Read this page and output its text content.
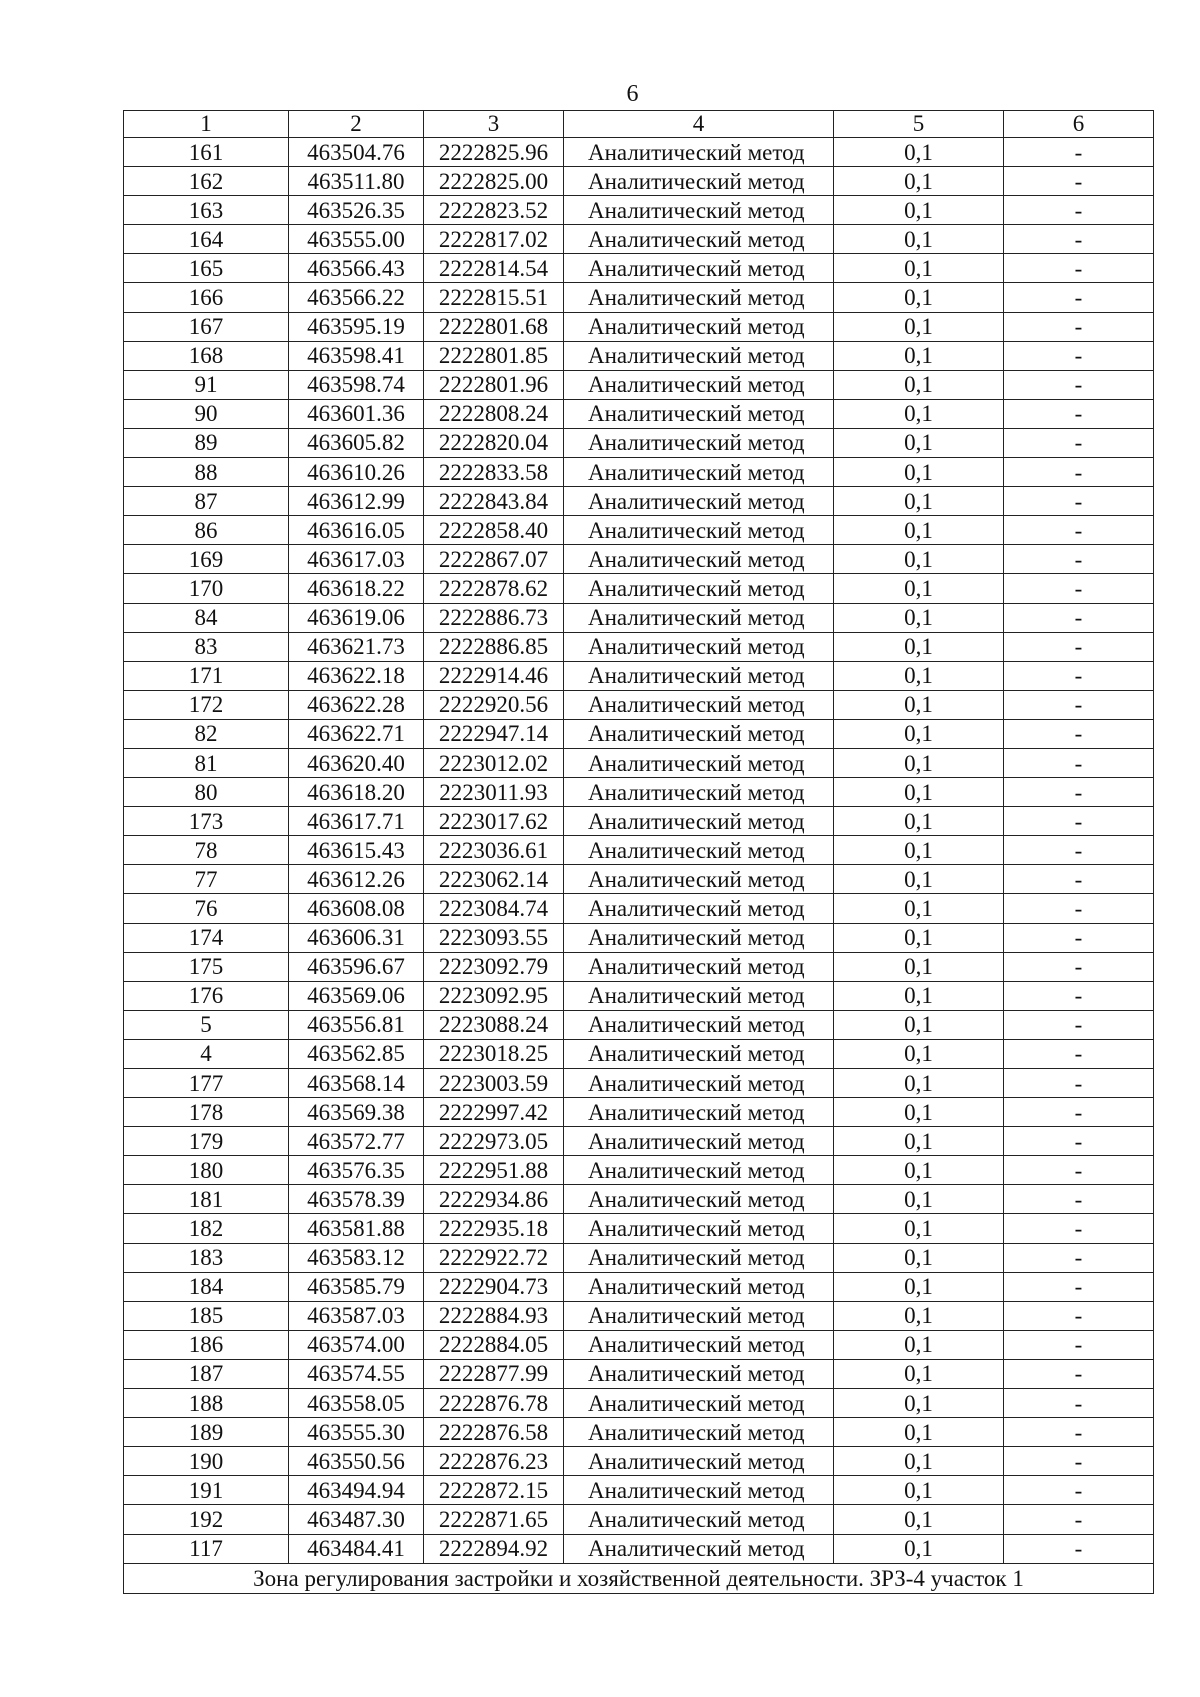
6
1	2	3	4	5	6
161	463504.76	2222825.96	Аналитический метод	0,1	-
162	463511.80	2222825.00	Аналитический метод	0,1	-
163	463526.35	2222823.52	Аналитический метод	0,1	-
164	463555.00	2222817.02	Аналитический метод	0,1	-
165	463566.43	2222814.54	Аналитический метод	0,1	-
166	463566.22	2222815.51	Аналитический метод	0,1	-
167	463595.19	2222801.68	Аналитический метод	0,1	-
168	463598.41	2222801.85	Аналитический метод	0,1	-
91	463598.74	2222801.96	Аналитический метод	0,1	-
90	463601.36	2222808.24	Аналитический метод	0,1	-
89	463605.82	2222820.04	Аналитический метод	0,1	-
88	463610.26	2222833.58	Аналитический метод	0,1	-
87	463612.99	2222843.84	Аналитический метод	0,1	-
86	463616.05	2222858.40	Аналитический метод	0,1	-
169	463617.03	2222867.07	Аналитический метод	0,1	-
170	463618.22	2222878.62	Аналитический метод	0,1	-
84	463619.06	2222886.73	Аналитический метод	0,1	-
83	463621.73	2222886.85	Аналитический метод	0,1	-
171	463622.18	2222914.46	Аналитический метод	0,1	-
172	463622.28	2222920.56	Аналитический метод	0,1	-
82	463622.71	2222947.14	Аналитический метод	0,1	-
81	463620.40	2223012.02	Аналитический метод	0,1	-
80	463618.20	2223011.93	Аналитический метод	0,1	-
173	463617.71	2223017.62	Аналитический метод	0,1	-
78	463615.43	2223036.61	Аналитический метод	0,1	-
77	463612.26	2223062.14	Аналитический метод	0,1	-
76	463608.08	2223084.74	Аналитический метод	0,1	-
174	463606.31	2223093.55	Аналитический метод	0,1	-
175	463596.67	2223092.79	Аналитический метод	0,1	-
176	463569.06	2223092.95	Аналитический метод	0,1	-
5	463556.81	2223088.24	Аналитический метод	0,1	-
4	463562.85	2223018.25	Аналитический метод	0,1	-
177	463568.14	2223003.59	Аналитический метод	0,1	-
178	463569.38	2222997.42	Аналитический метод	0,1	-
179	463572.77	2222973.05	Аналитический метод	0,1	-
180	463576.35	2222951.88	Аналитический метод	0,1	-
181	463578.39	2222934.86	Аналитический метод	0,1	-
182	463581.88	2222935.18	Аналитический метод	0,1	-
183	463583.12	2222922.72	Аналитический метод	0,1	-
184	463585.79	2222904.73	Аналитический метод	0,1	-
185	463587.03	2222884.93	Аналитический метод	0,1	-
186	463574.00	2222884.05	Аналитический метод	0,1	-
187	463574.55	2222877.99	Аналитический метод	0,1	-
188	463558.05	2222876.78	Аналитический метод	0,1	-
189	463555.30	2222876.58	Аналитический метод	0,1	-
190	463550.56	2222876.23	Аналитический метод	0,1	-
191	463494.94	2222872.15	Аналитический метод	0,1	-
192	463487.30	2222871.65	Аналитический метод	0,1	-
117	463484.41	2222894.92	Аналитический метод	0,1	-
Зона регулирования застройки и хозяйственной деятельности. ЗРЗ-4 участок 1					
